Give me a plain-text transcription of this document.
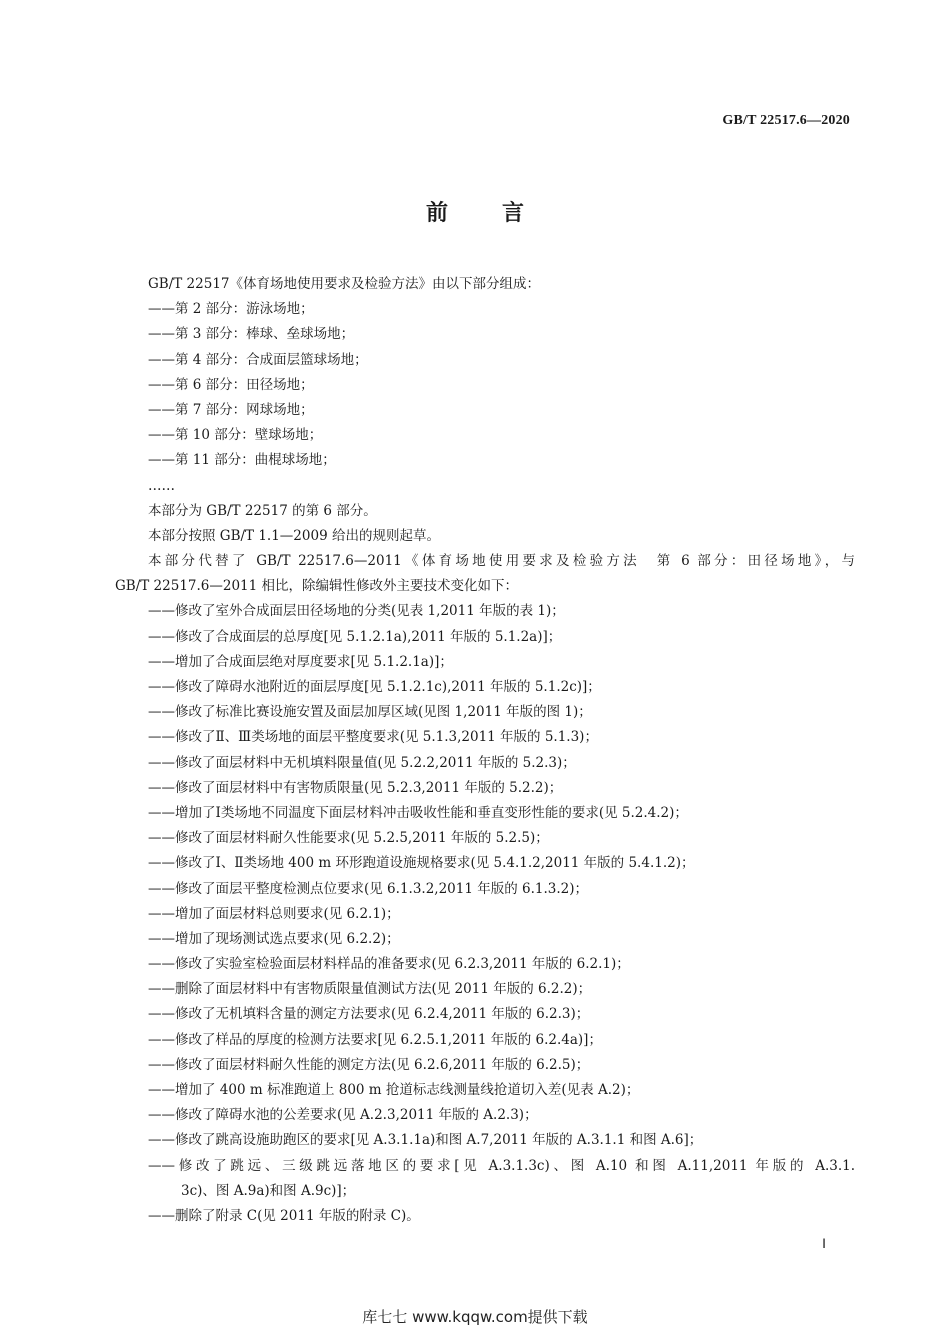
GB/T 22517.6—2020
前言
GB/T 22517《体育场地使用要求及检验方法》由以下部分组成：
——第 2 部分：游泳场地；
——第 3 部分：棒球、垒球场地；
——第 4 部分：合成面层篮球场地；
——第 6 部分：田径场地；
——第 7 部分：网球场地；
——第 10 部分：壁球场地；
——第 11 部分：曲棍球场地；
……
本部分为 GB/T 22517 的第 6 部分。
本部分按照 GB/T 1.1—2009 给出的规则起草。
本部分代替了 GB/T 22517.6—2011《体育场地使用要求及检验方法　第 6 部分：田径场地》，与
GB/T 22517.6—2011 相比，除编辑性修改外主要技术变化如下：
——修改了室外合成面层田径场地的分类(见表 1,2011 年版的表 1)；
——修改了合成面层的总厚度[见 5.1.2.1a),2011 年版的 5.1.2a)]；
——增加了合成面层绝对厚度要求[见 5.1.2.1a)]；
——修改了障碍水池附近的面层厚度[见 5.1.2.1c),2011 年版的 5.1.2c)]；
——修改了标准比赛设施安置及面层加厚区域(见图 1,2011 年版的图 1)；
——修改了Ⅱ、Ⅲ类场地的面层平整度要求(见 5.1.3,2011 年版的 5.1.3)；
——修改了面层材料中无机填料限量值(见 5.2.2,2011 年版的 5.2.3)；
——修改了面层材料中有害物质限量(见 5.2.3,2011 年版的 5.2.2)；
——增加了Ⅰ类场地不同温度下面层材料冲击吸收性能和垂直变形性能的要求(见 5.2.4.2)；
——修改了面层材料耐久性能要求(见 5.2.5,2011 年版的 5.2.5)；
——修改了Ⅰ、Ⅱ类场地 400 m 环形跑道设施规格要求(见 5.4.1.2,2011 年版的 5.4.1.2)；
——修改了面层平整度检测点位要求(见 6.1.3.2,2011 年版的 6.1.3.2)；
——增加了面层材料总则要求(见 6.2.1)；
——增加了现场测试选点要求(见 6.2.2)；
——修改了实验室检验面层材料样品的准备要求(见 6.2.3,2011 年版的 6.2.1)；
——删除了面层材料中有害物质限量值测试方法(见 2011 年版的 6.2.2)；
——修改了无机填料含量的测定方法要求(见 6.2.4,2011 年版的 6.2.3)；
——修改了样品的厚度的检测方法要求[见 6.2.5.1,2011 年版的 6.2.4a)]；
——修改了面层材料耐久性能的测定方法(见 6.2.6,2011 年版的 6.2.5)；
——增加了 400 m 标准跑道上 800 m 抢道标志线测量线抢道切入差(见表 A.2)；
——修改了障碍水池的公差要求(见 A.2.3,2011 年版的 A.2.3)；
——修改了跳高设施助跑区的要求[见 A.3.1.1a)和图 A.7,2011 年版的 A.3.1.1 和图 A.6]；
——修改了跳远、三级跳远落地区的要求[见 A.3.1.3c)、图 A.10 和图 A.11,2011 年版的 A.3.1.
3c)、图 A.9a)和图 A.9c)]；
——删除了附录 C(见 2011 年版的附录 C)。
Ⅰ
库七七 www.kqqw.com提供下载
